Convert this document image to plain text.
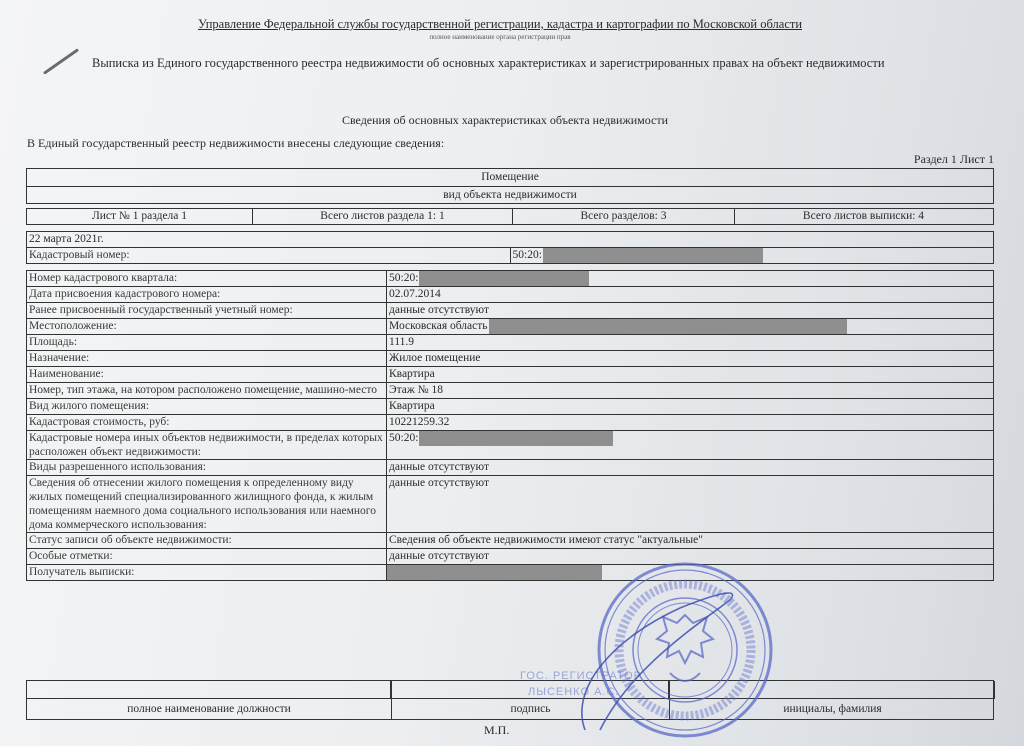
Управление Федеральной службы государственной регистрации, кадастра и картографии по Московской области
полное наименование органа регистрации прав
Выписка из Единого государственного реестра недвижимости об основных характеристиках и зарегистрированных правах на объект недвижимости
Сведения об основных характеристиках объекта недвижимости
В Единый государственный реестр недвижимости внесены следующие сведения:
Раздел 1 Лист 1
Помещение
вид объекта недвижимости
Лист № 1 раздела 1	Всего листов раздела 1: 1	Всего разделов: 3	Всего листов выписки: 4
22 марта 2021г.
Кадастровый номер:	50:20:
Номер кадастрового квартала:	50:20:
Дата присвоения кадастрового номера:	02.07.2014
Ранее присвоенный государственный учетный номер:	данные отсутствуют
Местоположение:	Московская область
Площадь:	111.9
Назначение:	Жилое помещение
Наименование:	Квартира
Номер, тип этажа, на котором расположено помещение, машино-место	Этаж № 18
Вид жилого помещения:	Квартира
Кадастровая стоимость, руб:	10221259.32
Кадастровые номера иных объектов недвижимости, в пределах которых расположен объект недвижимости:	50:20:
Виды разрешенного использования:	данные отсутствуют
Сведения об отнесении жилого помещения к определенному виду жилых помещений специализированного жилищного фонда, к жилым помещениям наемного дома социального использования или наемного дома коммерческого использования:	данные отсутствуют
Статус записи об объекте недвижимости:	Сведения об объекте недвижимости имеют статус "актуальные"
Особые отметки:	данные отсутствуют
Получатель выписки:	
ГОС. РЕГИСТРАТОР
ЛЫСЕНКО А.С.
полное наименование должности	подпись	инициалы, фамилия
М.П.
